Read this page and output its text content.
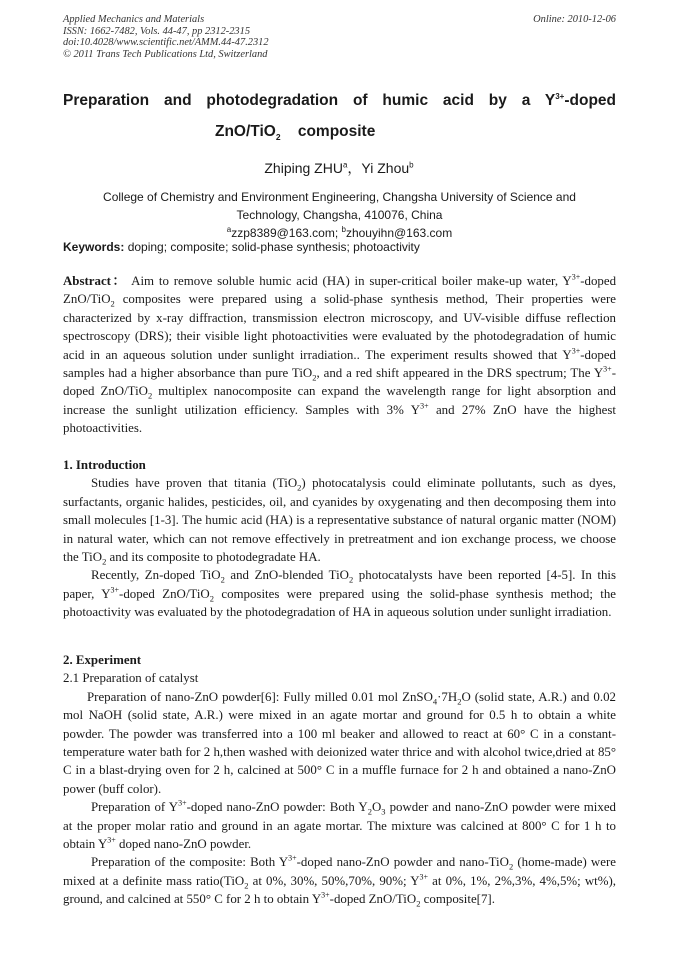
Applied Mechanics and Materials
ISSN: 1662-7482, Vols. 44-47, pp 2312-2315
doi:10.4028/www.scientific.net/AMM.44-47.2312
© 2011 Trans Tech Publications Ltd, Switzerland
Online: 2010-12-06
Preparation and photodegradation of humic acid by a $Y^{3+}$-doped
ZnO/TiO$_2$ composite
Zhiping ZHU$^a$，Yi Zhou$^b$
College of Chemistry and Environment Engineering, Changsha University of Science and
Technology, Changsha, 410076, China
$^a$zzp8389@163.com; $^b$zhouyihn@163.com
Keywords: doping; composite; solid-phase synthesis; photoactivity

Abstract： Aim to remove soluble humic acid (HA) in super-critical boiler make-up water, $Y^{3+}$-doped ZnO/TiO$_2$ composites were prepared using a solid-phase synthesis method, Their properties were characterized by x-ray diffraction, transmission electron microscopy, and UV-visible diffuse reflection spectroscopy (DRS); their visible light photoactivities were evaluated by the photodegradation of humic acid in an aqueous solution under sunlight irradiation.. The experiment results showed that $Y^{3+}$-doped samples had a higher absorbance than pure TiO$_2$, and a red shift appeared in the DRS spectrum; The $Y^{3+}$-doped ZnO/TiO$_2$ multiplex nanocomposite can expand the wavelength range for light absorption and increase the sunlight utilization efficiency. Samples with 3% $Y^{3+}$ and 27% ZnO have the highest photoactivities.

1. Introduction

Studies have proven that titania (TiO$_2$) photocatalysis could eliminate pollutants, such as dyes, surfactants, organic halides, pesticides, oil, and cyanides by oxygenating and then decomposing them into small molecules [1-3]. The humic acid (HA) is a representative substance of natural organic matter (NOM) in natural water, which can not remove effectively in pretreatment and ion exchange process, we choose the TiO$_2$ and its composite to photodegradate HA.

Recently, Zn-doped TiO$_2$ and ZnO-blended TiO$_2$ photocatalysts have been reported [4-5]. In this paper, $Y^{3+}$-doped ZnO/TiO$_2$ composites were prepared using the solid-phase synthesis method; the photoactivity was evaluated by the photodegradation of HA in aqueous solution under sunlight irradiation.

2. Experiment

2.1 Preparation of catalyst

Preparation of nano-ZnO powder[6]: Fully milled 0.01 mol $ZnSO_4\cdot 7H_2O$ (solid state, A.R.) and 0.02 mol NaOH (solid state, A.R.) were mixed in an agate mortar and ground for 0.5 h to obtain a white powder. The powder was transferred into a 100 ml beaker and allowed to react at 60° C in a constant-temperature water bath for 2 h,then washed with deionized water thrice and with alcohol twice,dried at 85° C in a blast-drying oven for 2 h, calcined at 500° C in a muffle furnace for 2 h and obtained a nano-ZnO power (buff color).

Preparation of $Y^{3+}$-doped nano-ZnO powder: Both $Y_2O_3$ powder and nano-ZnO powder were mixed at the proper molar ratio and ground in an agate mortar. The mixture was calcined at 800° C for 1 h to obtain $Y^{3+}$ doped nano-ZnO powder.

Preparation of the composite: Both $Y^{3+}$-doped nano-ZnO powder and nano-TiO$_2$ (home-made) were mixed at a definite mass ratio(TiO$_2$ at 0%, 30%, 50%,70%, 90%; $Y^{3+}$ at 0%, 1%, 2%,3%, 4%,5%; wt%), ground, and calcined at 550° C for 2 h to obtain $Y^{3+}$-doped ZnO/TiO$_2$ composite[7].
